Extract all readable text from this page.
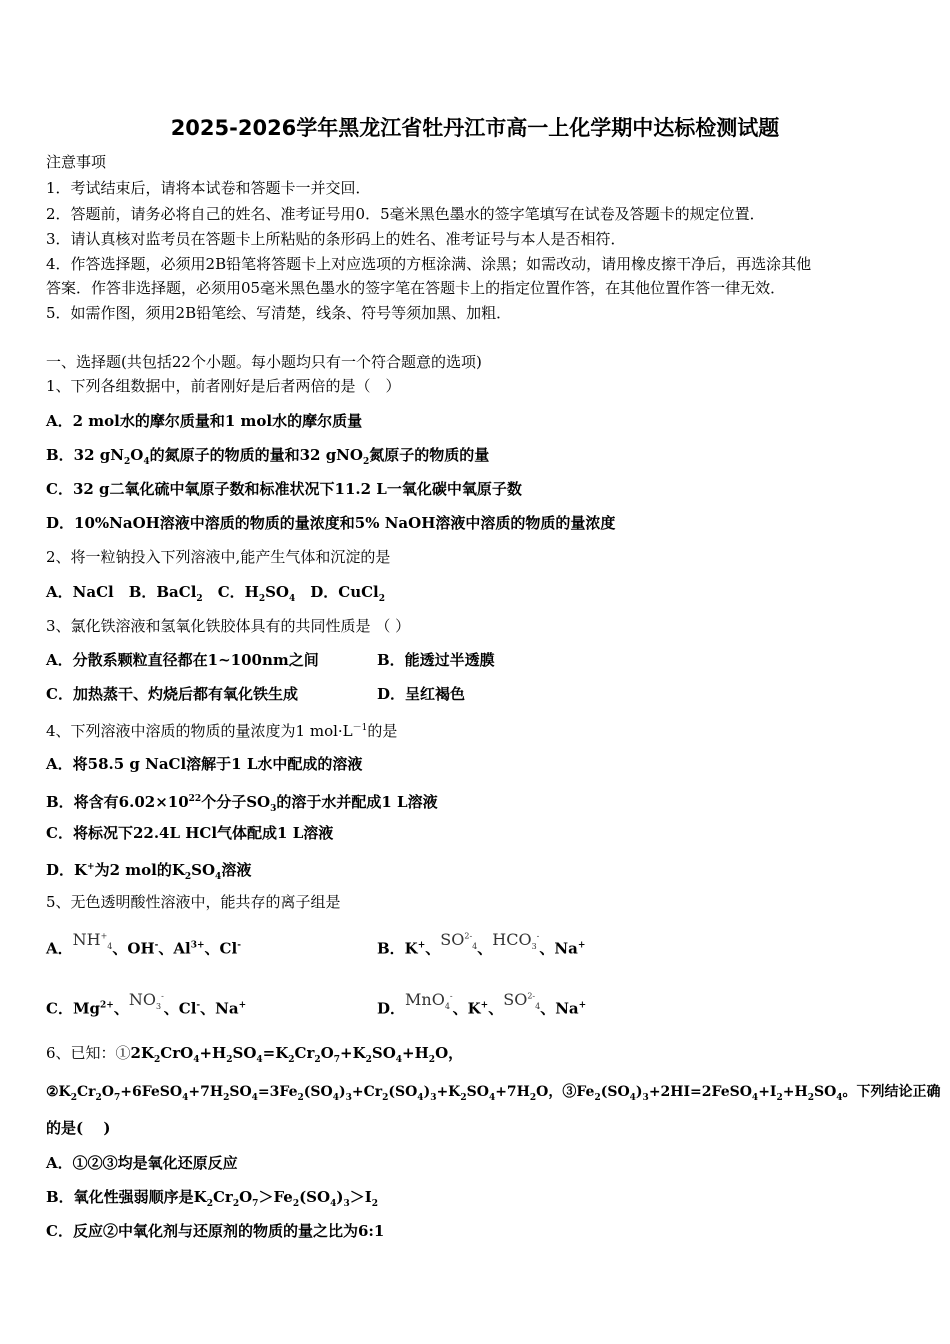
2025-2026学年黑龙江省牡丹江市高一上化学期中达标检测试题
注意事项
1．考试结束后，请将本试卷和答题卡一并交回．
2．答题前，请务必将自己的姓名、准考证号用0．5毫米黑色墨水的签字笔填写在试卷及答题卡的规定位置．
3．请认真核对监考员在答题卡上所粘贴的条形码上的姓名、准考证号与本人是否相符．
4．作答选择题，必须用2B铅笔将答题卡上对应选项的方框涂满、涂黑；如需改动，请用橡皮擦干净后，再选涂其他
答案．作答非选择题，必须用05毫米黑色墨水的签字笔在答题卡上的指定位置作答，在其他位置作答一律无效．
5．如需作图，须用2B铅笔绘、写清楚，线条、符号等须加黑、加粗．
一、选择题(共包括22个小题。每小题均只有一个符合题意的选项)
1、下列各组数据中，前者刚好是后者两倍的是（　）
A．2 mol水的摩尔质量和1 mol水的摩尔质量
B．32 $gN_2O_4$的氮原子的物质的量和32 gNO$_2$氮原子的物质的量
C．32 g二氧化硫中氧原子数和标准状况下11.2 L一氧化碳中氧原子数
D．10%NaOH溶液中溶质的物质的量浓度和5% NaOH溶液中溶质的物质的量浓度
2、将一粒钠投入下列溶液中,能产生气体和沉淀的是
A．NaCl　B．BaCl$_2$　C．$H_2SO_4$　D．CuCl$_2$
3、氯化铁溶液和氢氧化铁胶体具有的共同性质是 （ ）
A．分散系颗粒直径都在1~100nm之间	B．能透过半透膜
C．加热蒸干、灼烧后都有氧化铁生成	D．呈红褐色
4、下列溶液中溶质的物质的量浓度为1 $mol\cdot L^{-1}$的是
A．将58.5 g NaCl溶解于1 L水中配成的溶液
B．将含有$6.02\times 10^{22}$个分子$SO_3$的溶于水并配成1 L溶液
C．将标况下22.4L HCl气体配成1 L溶液
D．K+为2 mol的$K_2SO_4$溶液
5、无色透明酸性溶液中，能共存的离子组是
A．$NH^+_4$、OH-、$Al^{3+}$、Cl-	B．K+、$SO^{2-}_4$、$HCO_3^-$、Na+
C．$Mg^{2+}$、$NO_3^-$、Cl-、Na+	D．MnO$_4$-、K+、$SO^{2-}_4$、Na+
6、已知：$①2K_2CrO_4+H_2SO_4=K_2Cr_2O_7+K_2SO_4+H_2O$，
$②K_2Cr_2O_7+6FeSO_4+7H_2SO_4=3Fe_2(SO_4)_3+Cr_2(SO_4)_3+K_2SO_4+7H_2O$，$③Fe_2(SO_4)_3+2HI=2FeSO_4+I_2+H_2SO_4$。下列结论正确
的是(　 )
A．①②③均是氧化还原反应
B．氧化性强弱顺序是$K_2Cr_2O_7>Fe_2(SO_4)_3>I_2$
C．反应②中氧化剂与还原剂的物质的量之比为6:1
